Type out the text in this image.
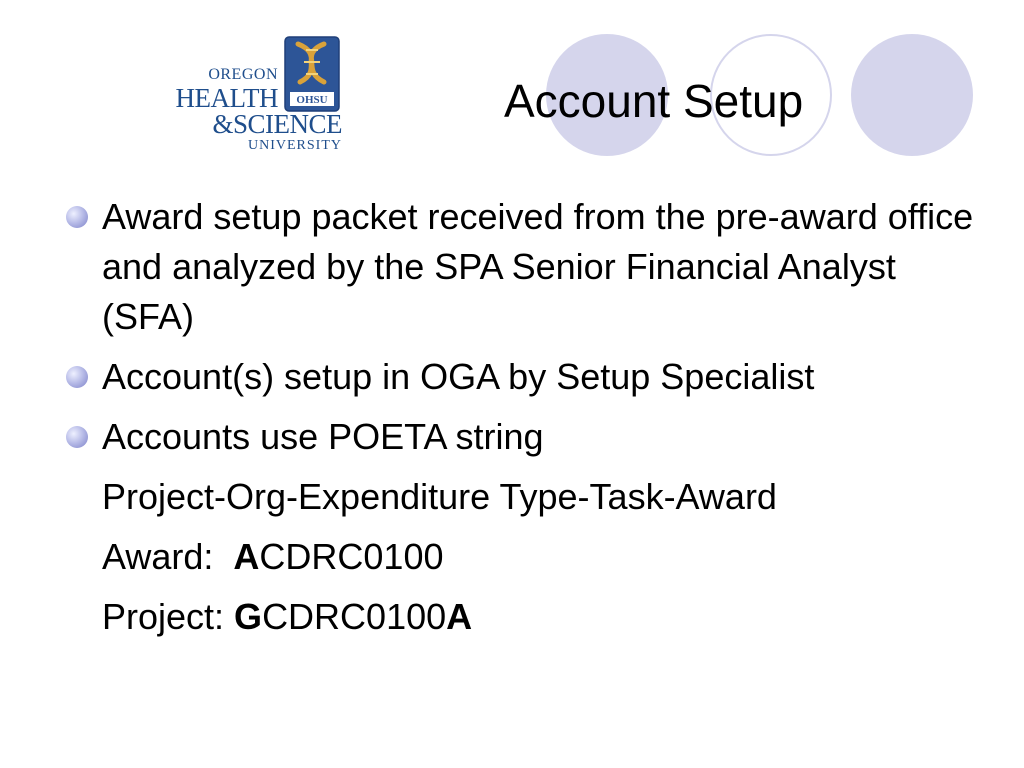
OHSU
OREGON
HEALTH
&SCIENCE
UNIVERSITY
Account Setup
Award setup packet received from the pre-award office and analyzed by the SPA Senior Financial Analyst (SFA)
Account(s) setup in OGA by Setup Specialist
Accounts use POETA string
Project-Org-Expenditure Type-Task-Award
Award:  ACDRC0100
Project: GCDRC0100A
